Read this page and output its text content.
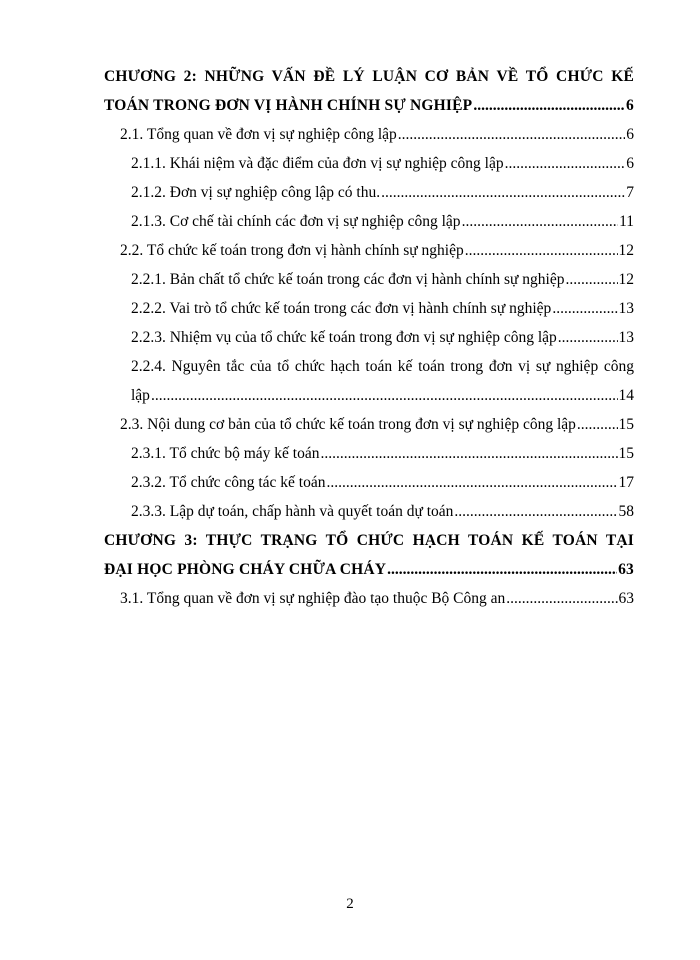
CHƯƠNG 2: NHỮNG VẤN ĐỀ LÝ LUẬN CƠ BẢN VỀ TỔ CHỨC KẾ
TOÁN TRONG ĐƠN VỊ HÀNH CHÍNH SỰ NGHIỆP .....	6
2.1. Tổng quan về đơn vị sự nghiệp công lập .....	6
2.1.1. Khái niệm và đặc điểm của đơn vị sự nghiệp công lập .....	6
2.1.2. Đơn vị sự nghiệp công lập có thu. .....	7
2.1.3. Cơ chế tài chính các đơn vị sự nghiệp công lập .....	11
2.2. Tổ chức kế toán trong đơn vị hành chính sự nghiệp .....	12
2.2.1. Bản chất tổ chức kế toán trong các đơn vị hành chính sự nghiệp .....	12
2.2.2. Vai trò tổ chức kế toán trong các đơn vị hành chính sự nghiệp .....	13
2.2.3. Nhiệm vụ của tổ chức kế toán trong đơn vị sự nghiệp công lập .....	13
2.2.4. Nguyên tắc của tổ chức hạch toán kế toán trong đơn vị sự nghiệp công
lập .....	14
2.3. Nội dung cơ bản của tổ chức kế toán trong đơn vị sự nghiệp công lập .....	15
2.3.1. Tổ chức bộ máy kế toán .....	15
2.3.2. Tổ chức công tác kế toán .....	17
2.3.3. Lập dự toán, chấp hành và quyết toán dự toán .....	58
CHƯƠNG 3: THỰC TRẠNG TỔ CHỨC HẠCH TOÁN KẾ TOÁN TẠI
ĐẠI HỌC PHÒNG CHÁY CHỮA CHÁY .....	63
3.1. Tổng quan về đơn vị sự nghiệp đào tạo thuộc Bộ Công an .....	63
2
